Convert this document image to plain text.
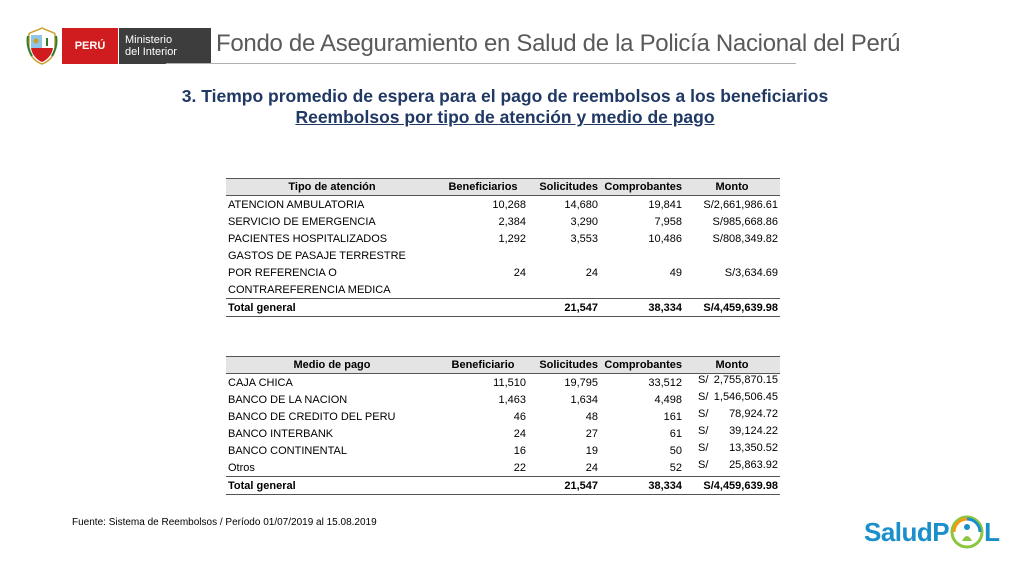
PERÚ	Ministerio
del Interior	Fondo de Aseguramiento en Salud de la Policía Nacional del Perú
3. Tiempo promedio de espera para el pago de reembolsos a los beneficiarios
Reembolsos por tipo de atención y medio de pago
Tipo de atención	Beneficiarios	Solicitudes	Comprobantes	Monto
ATENCION AMBULATORIA	10,268	14,680	19,841	S/2,661,986.61
SERVICIO DE EMERGENCIA	2,384	3,290	7,958	S/985,668.86
PACIENTES HOSPITALIZADOS	1,292	3,553	10,486	S/808,349.82
GASTOS DE PASAJE TERRESTRE				
POR REFERENCIA O	24	24	49	S/3,634.69
CONTRAREFERENCIA MEDICA				
Total general		21,547	38,334	S/4,459,639.98
Medio de pago	Beneficiario	Solicitudes	Comprobantes	Monto
CAJA CHICA	11,510	19,795	33,512	S/ 2,755,870.15

BANCO DE LA NACION	1,463	1,634	4,498	S/ 1,546,506.45

BANCO DE CREDITO DEL PERU	46	48	161	S/ 78,924.72

BANCO INTERBANK	24	27	61	S/ 39,124.22

BANCO CONTINENTAL	16	19	50	S/ 13,350.52

Otros	22	24	52	S/ 25,863.92

Total general		21,547	38,334	S/4,459,639.98
Fuente: Sistema de Reembolsos / Período 01/07/2019 al 15.08.2019	SaludP L
